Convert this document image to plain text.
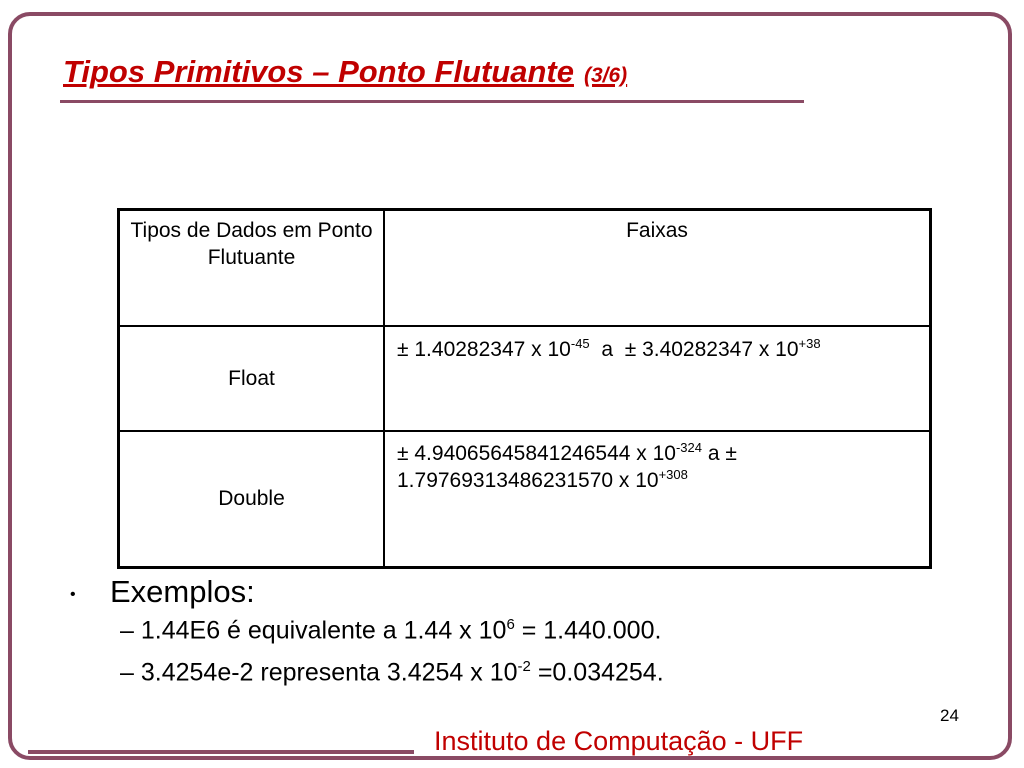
Tipos Primitivos – Ponto Flutuante (3/6)
Tipos de Dados em Ponto Flutuante	Faixas

Float	± 1.40282347 x $10^{-45}$ a ± 3.40282347 x $10^{+38}$

Double	± 4.94065645841246544 x $10^{-324}$ a ± 1.79769313486231570 x $10^{+308}$
• Exemplos:
– 1.44E6 é equivalente a 1.44 x $10^6 = 1.440.000$.
– 3.4254e-2 representa 3.4254 x $10^{-2} =0.034254$.
24
Instituto de Computação - UFF
